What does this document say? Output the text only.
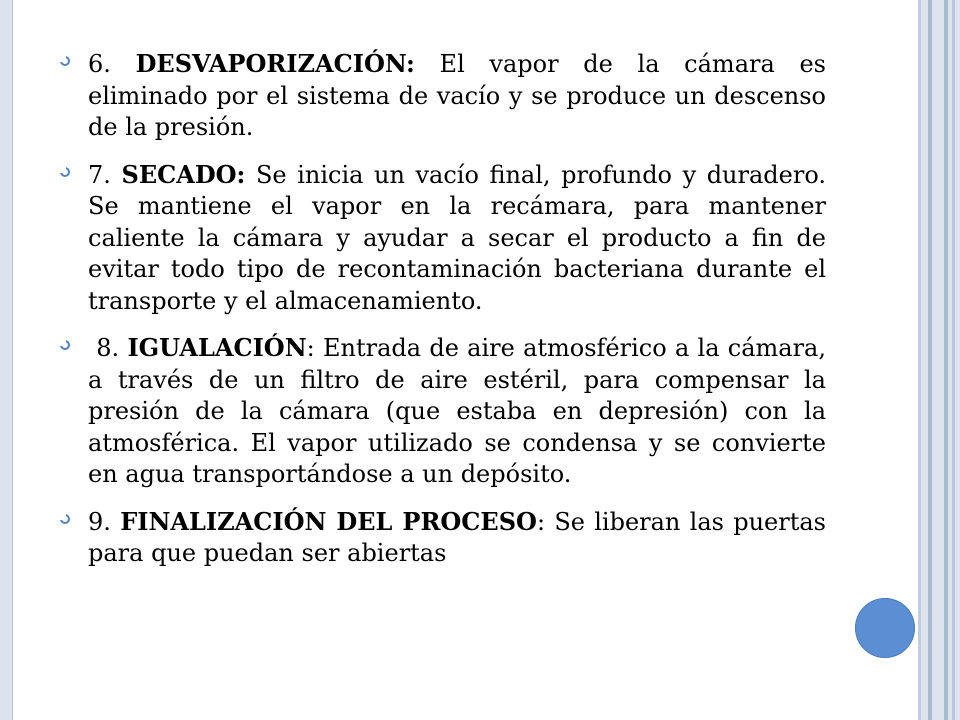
6. DESVAPORIZACIÓN: El vapor de la cámara es eliminado por el sistema de vacío y se produce un descenso de la presión.
7. SECADO: Se inicia un vacío final, profundo y duradero. Se mantiene el vapor en la recámara, para mantener caliente la cámara y ayudar a secar el producto a fin de evitar todo tipo de recontaminación bacteriana durante el transporte y el almacenamiento.
8. IGUALACIÓN: Entrada de aire atmosférico a la cámara, a través de un filtro de aire estéril, para compensar la presión de la cámara (que estaba en depresión) con la atmosférica. El vapor utilizado se condensa y se convierte en agua transportándose a un depósito.
9. FINALIZACIÓN DEL PROCESO: Se liberan las puertas para que puedan ser abiertas
